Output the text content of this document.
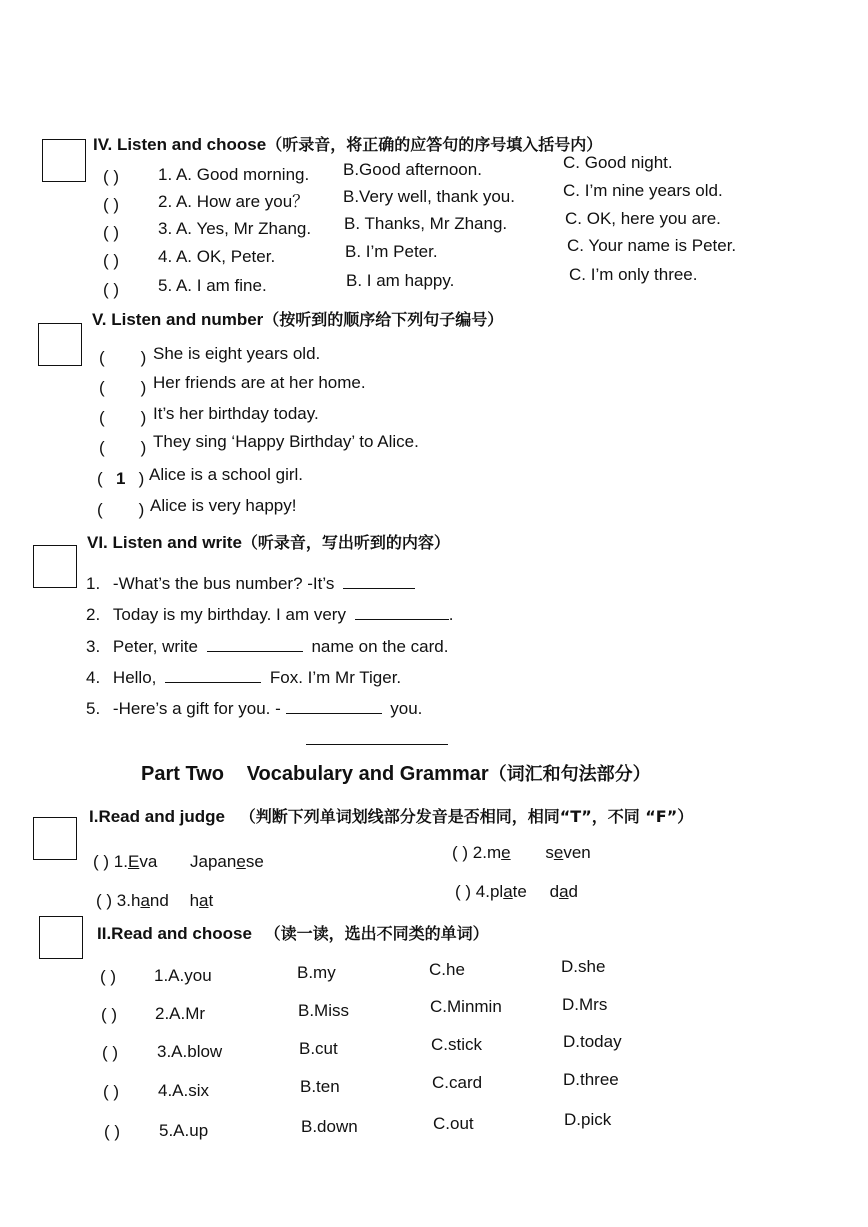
IV. Listen and choose（听录音，将正确的应答句的序号填入括号内）
( ) 1. A. Good morning. B.Good afternoon.	C. Good night.
( ) 2. A. How are you？ B.Very well, thank you.	C. I’m nine years old.
( ) 3. A. Yes, Mr Zhang. B. Thanks, Mr Zhang.	C. OK, here you are.
( ) 4. A. OK, Peter.	B. I’m Peter.	C. Your name is Peter.
( ) 5. A. I am fine.	B. I am happy.	C. I’m only three.
V. Listen and number（按听到的顺序给下列句子编号）
( ) She is eight years old.
( ) Her friends are at her home.
( ) It’s her birthday today.
( ) They sing ‘Happy Birthday’ to Alice.
( 1 ) Alice is a school girl.
( ) Alice is very happy!
VI. Listen and write（听录音，写出听到的内容）
1. -What’s the bus number? -It’s
2. Today is my birthday. I am very	.
3. Peter, write	name on the card.
4. Hello,	Fox. I’m Mr Tiger.
5. -Here’s a gift for you. -	you.
Part Two Vocabulary and Grammar（词汇和句法部分）
I.Read and judge （判断下列单词划线部分发音是否相同，相同“T”，不同 “F”）
( ) 1.Eva Japanese	( ) 2.me seven
( ) 3.hand hat	( ) 4.plate dad
II.Read and choose （读一读，选出不同类的单词）
( ) 1.A.you	B.my	C.he	D.she
( ) 2.A.Mr	B.Miss	C.Minmin	D.Mrs
( ) 3.A.blow	B.cut	C.stick	D.today
( ) 4.A.six	B.ten	C.card	D.three
( ) 5.A.up	B.down	C.out	D.pick
